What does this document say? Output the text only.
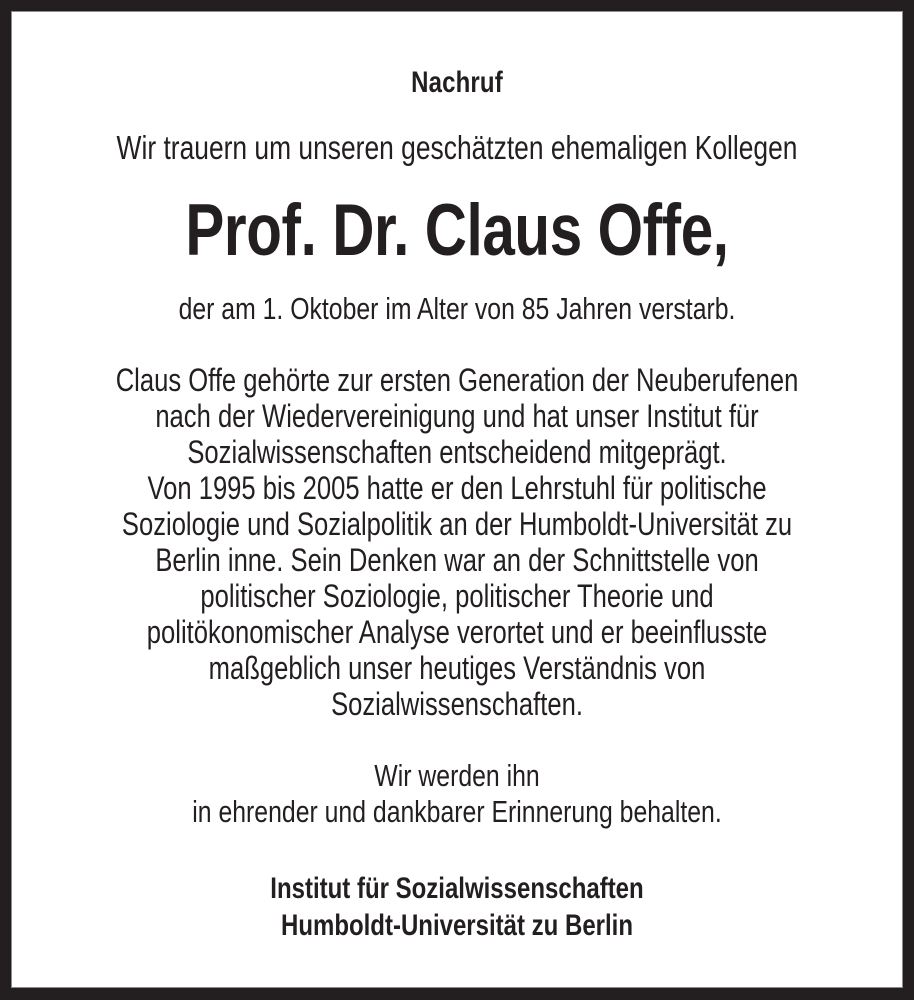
Nachruf
Wir trauern um unseren geschätzten ehemaligen Kollegen
Prof. Dr. Claus Offe,
der am 1. Oktober im Alter von 85 Jahren verstarb.
Claus Offe gehörte zur ersten Generation der Neuberufenen
nach der Wiedervereinigung und hat unser Institut für
Sozialwissenschaften entscheidend mitgeprägt.
Von 1995 bis 2005 hatte er den Lehrstuhl für politische
Soziologie und Sozialpolitik an der Humboldt-Universität zu
Berlin inne. Sein Denken war an der Schnittstelle von
politischer Soziologie, politischer Theorie und
politökonomischer Analyse verortet und er beeinflusste
maßgeblich unser heutiges Verständnis von
Sozialwissenschaften.
Wir werden ihn
in ehrender und dankbarer Erinnerung behalten.
Institut für Sozialwissenschaften
Humboldt-Universität zu Berlin
